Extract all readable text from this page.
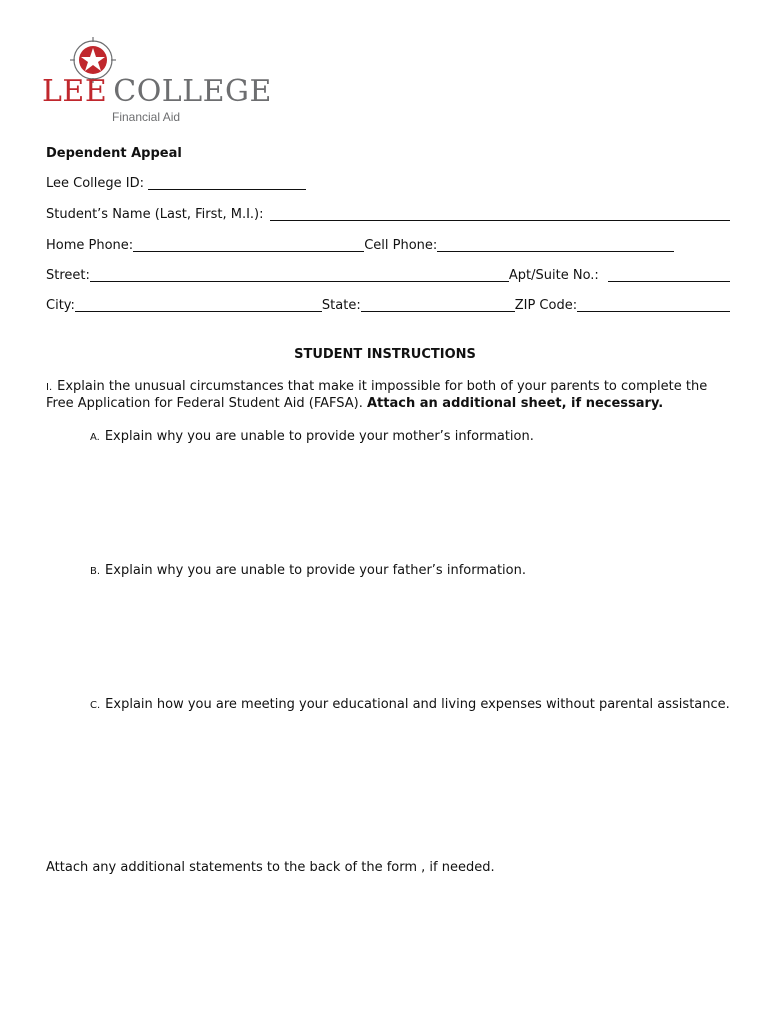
LEE COLLEGE
Financial Aid
Dependent Appeal
Lee College ID:
Student’s Name (Last, First, M.I.):
Home Phone:	Cell Phone:
Street:	Apt/Suite No.:
City:	State:	ZIP Code:
STUDENT INSTRUCTIONS
I. Explain the unusual circumstances that make it impossible for both of your parents to complete the Free Application for Federal Student Aid (FAFSA). Attach an additional sheet, if necessary.
A. Explain why you are unable to provide your mother’s information.
B. Explain why you are unable to provide your father’s information.
C. Explain how you are meeting your educational and living expenses without parental assistance.
Attach any additional statements to the back of the form , if needed.
